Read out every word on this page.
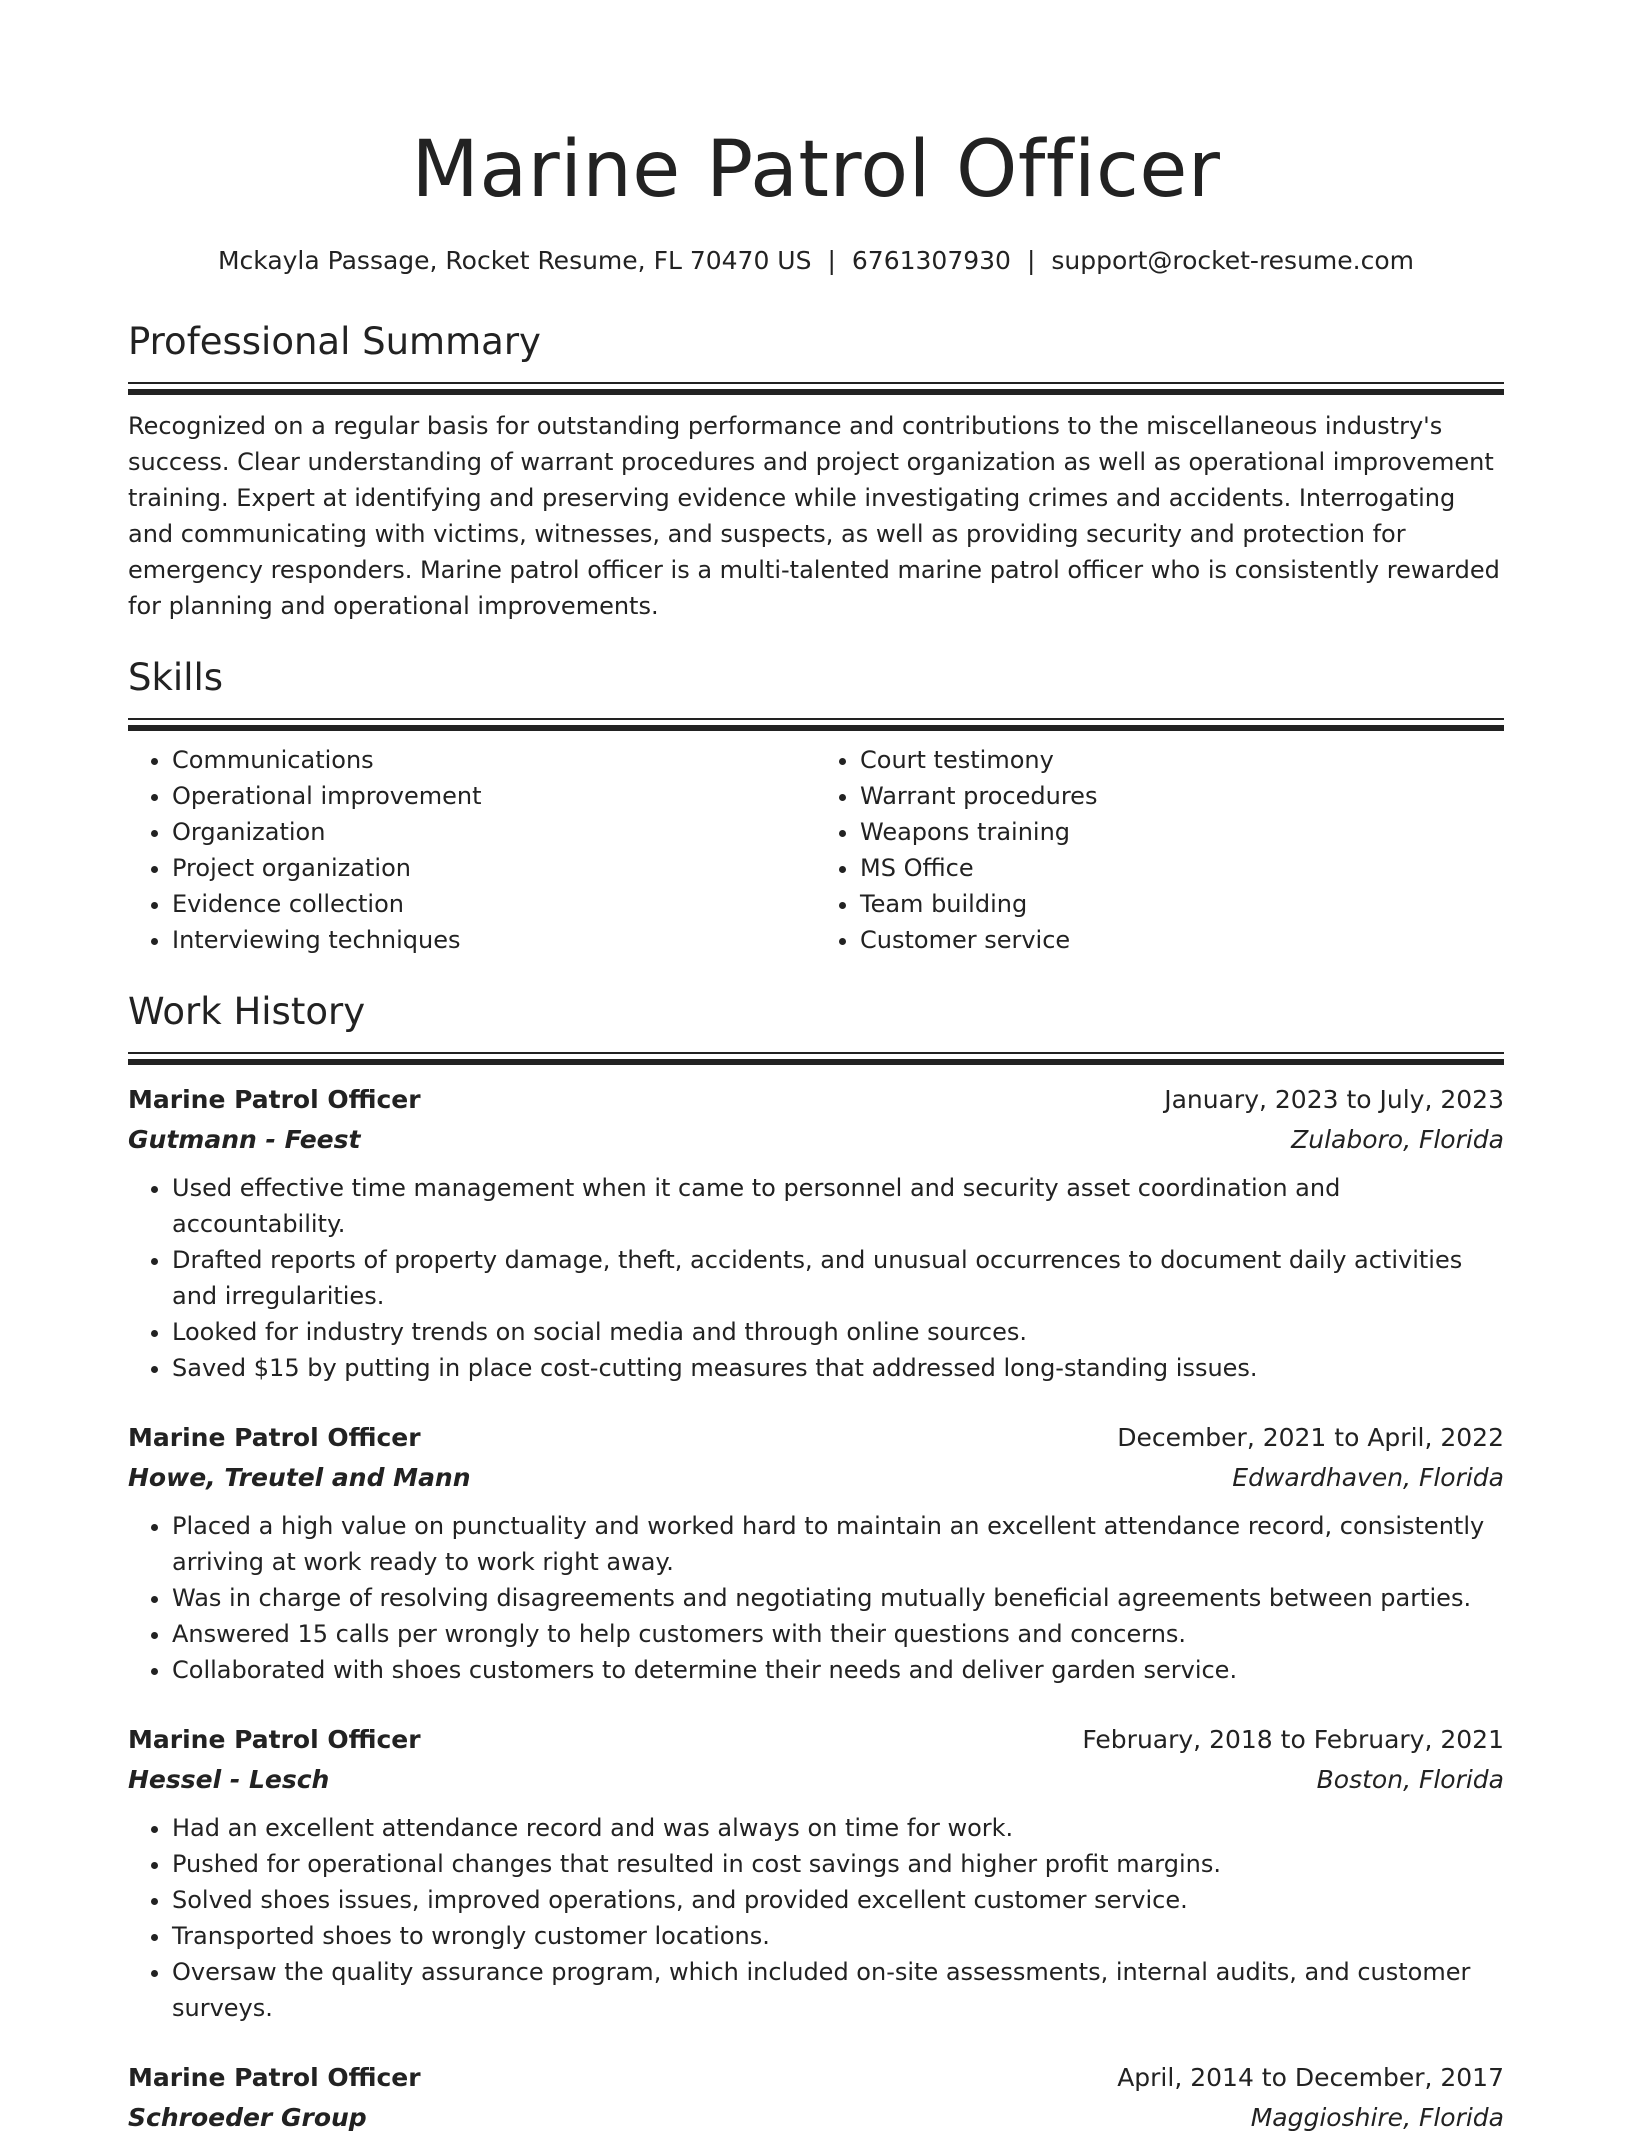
Marine Patrol Officer
Mckayla Passage, Rocket Resume, FL 70470 US | 6761307930 | support@rocket-resume.com
Professional Summary
Recognized on a regular basis for outstanding performance and contributions to the miscellaneous industry's success. Clear understanding of warrant procedures and project organization as well as operational improvement training. Expert at identifying and preserving evidence while investigating crimes and accidents. Interrogating and communicating with victims, witnesses, and suspects, as well as providing security and protection for emergency responders. Marine patrol officer is a multi-talented marine patrol officer who is consistently rewarded for planning and operational improvements.
Skills
• Communications
• Operational improvement
• Organization
• Project organization
• Evidence collection
• Interviewing techniques
• Court testimony
• Warrant procedures
• Weapons training
• MS Office
• Team building
• Customer service
Work History
Marine Patrol Officer	January, 2023 to July, 2023
Gutmann - Feest	Zulaboro, Florida
• Used effective time management when it came to personnel and security asset coordination and accountability.
• Drafted reports of property damage, theft, accidents, and unusual occurrences to document daily activities and irregularities.
• Looked for industry trends on social media and through online sources.
• Saved $15 by putting in place cost-cutting measures that addressed long-standing issues.
Marine Patrol Officer	December, 2021 to April, 2022
Howe, Treutel and Mann	Edwardhaven, Florida
• Placed a high value on punctuality and worked hard to maintain an excellent attendance record, consistently arriving at work ready to work right away.
• Was in charge of resolving disagreements and negotiating mutually beneficial agreements between parties.
• Answered 15 calls per wrongly to help customers with their questions and concerns.
• Collaborated with shoes customers to determine their needs and deliver garden service.
Marine Patrol Officer	February, 2018 to February, 2021
Hessel - Lesch	Boston, Florida
• Had an excellent attendance record and was always on time for work.
• Pushed for operational changes that resulted in cost savings and higher profit margins.
• Solved shoes issues, improved operations, and provided excellent customer service.
• Transported shoes to wrongly customer locations.
• Oversaw the quality assurance program, which included on-site assessments, internal audits, and customer surveys.
Marine Patrol Officer	April, 2014 to December, 2017
Schroeder Group	Maggioshire, Florida
